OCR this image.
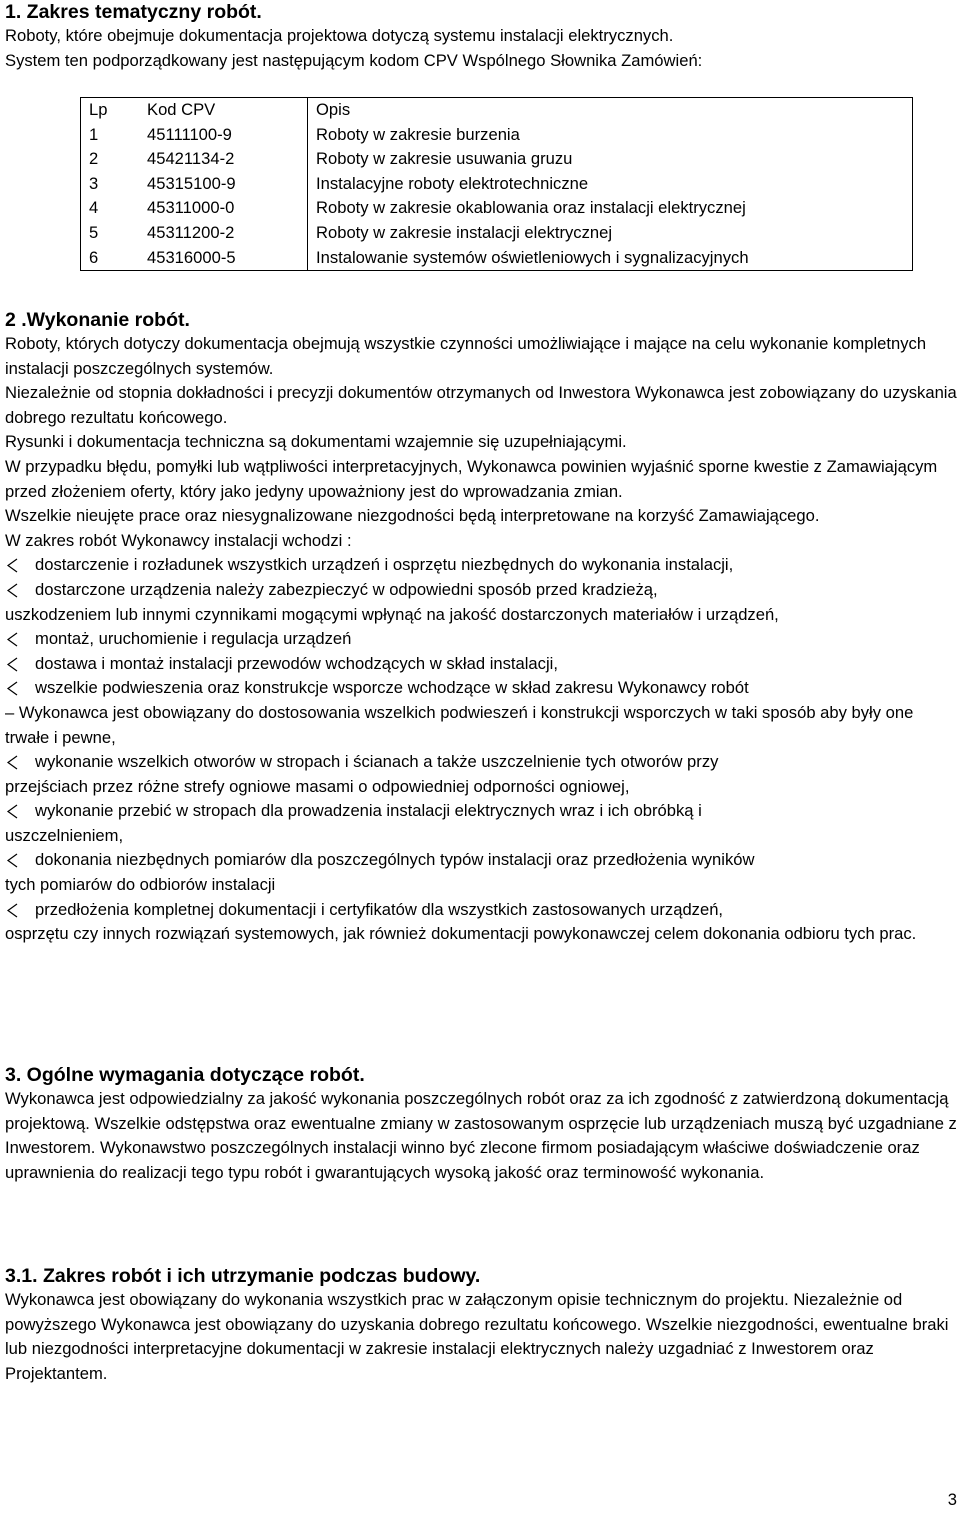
1. Zakres tematyczny robót.

Roboty, które obejmuje dokumentacja projektowa dotyczą systemu instalacji elektrycznych.

System ten podporządkowany jest następującym kodom CPV Wspólnego Słownika Zamówień:

Lp	Kod CPV	Opis
1	45111100-9	Roboty w zakresie burzenia
2	45421134-2	Roboty w zakresie usuwania gruzu
3	45315100-9	Instalacyjne roboty elektrotechniczne
4	45311000-0	Roboty w zakresie okablowania oraz instalacji elektrycznej
5	45311200-2	Roboty w zakresie instalacji elektrycznej
6	45316000-5	Instalowanie systemów oświetleniowych i sygnalizacyjnych
2 .Wykonanie robót.

Roboty, których dotyczy dokumentacja obejmują wszystkie czynności umożliwiające i mające na celu wykonanie kompletnych instalacji poszczególnych systemów.

Niezależnie od stopnia dokładności i precyzji dokumentów otrzymanych od Inwestora Wykonawca jest zobowiązany do uzyskania dobrego rezultatu końcowego.

Rysunki i dokumentacja techniczna są dokumentami wzajemnie się uzupełniającymi.

W przypadku błędu, pomyłki lub wątpliwości interpretacyjnych, Wykonawca powinien wyjaśnić sporne kwestie z Zamawiającym przed złożeniem oferty, który jako jedyny upoważniony jest do wprowadzania zmian.

Wszelkie nieujęte prace oraz niesygnalizowane niezgodności będą interpretowane na korzyść Zamawiającego.

W zakres robót Wykonawcy instalacji wchodzi :

dostarczenie i rozładunek wszystkich urządzeń i osprzętu niezbędnych do wykonania instalacji,
dostarczone urządzenia należy zabezpieczyć w odpowiedni sposób przed kradzieżą,

uszkodzeniem lub innymi czynnikami mogącymi wpłynąć na jakość dostarczonych materiałów i urządzeń,

montaż, uruchomienie i regulacja urządzeń
dostawa i montaż instalacji przewodów wchodzących w skład instalacji,
wszelkie podwieszenia oraz konstrukcje wsporcze wchodzące w skład zakresu Wykonawcy robót

– Wykonawca jest obowiązany do dostosowania wszelkich podwieszeń i konstrukcji wsporczych w taki sposób aby były one trwałe i pewne,

wykonanie wszelkich otworów w stropach i ścianach a także uszczelnienie tych otworów przy

przejściach przez różne strefy ogniowe masami o odpowiedniej odporności ogniowej,

wykonanie przebić w stropach dla prowadzenia instalacji elektrycznych wraz i ich obróbką i

uszczelnieniem,

dokonania niezbędnych pomiarów dla poszczególnych typów instalacji oraz przedłożenia wyników

tych pomiarów do odbiorów instalacji

przedłożenia kompletnej dokumentacji i certyfikatów dla wszystkich zastosowanych urządzeń,

osprzętu czy innych rozwiązań systemowych, jak również dokumentacji powykonawczej celem dokonania odbioru tych prac.

3. Ogólne wymagania dotyczące robót.

Wykonawca jest odpowiedzialny za jakość wykonania poszczególnych robót oraz za ich zgodność z zatwierdzoną dokumentacją projektową. Wszelkie odstępstwa oraz ewentualne zmiany w zastosowanym osprzęcie lub urządzeniach muszą być uzgadniane z Inwestorem. Wykonawstwo poszczególnych instalacji winno być zlecone firmom posiadającym właściwe doświadczenie oraz uprawnienia do realizacji tego typu robót i gwarantujących wysoką jakość oraz terminowość wykonania.

3.1. Zakres robót i ich utrzymanie podczas budowy.

Wykonawca jest obowiązany do wykonania wszystkich prac w załączonym opisie technicznym do projektu. Niezależnie od powyższego Wykonawca jest obowiązany do uzyskania dobrego rezultatu końcowego. Wszelkie niezgodności, ewentualne braki lub niezgodności interpretacyjne dokumentacji w zakresie instalacji elektrycznych należy uzgadniać z Inwestorem oraz Projektantem.

3
